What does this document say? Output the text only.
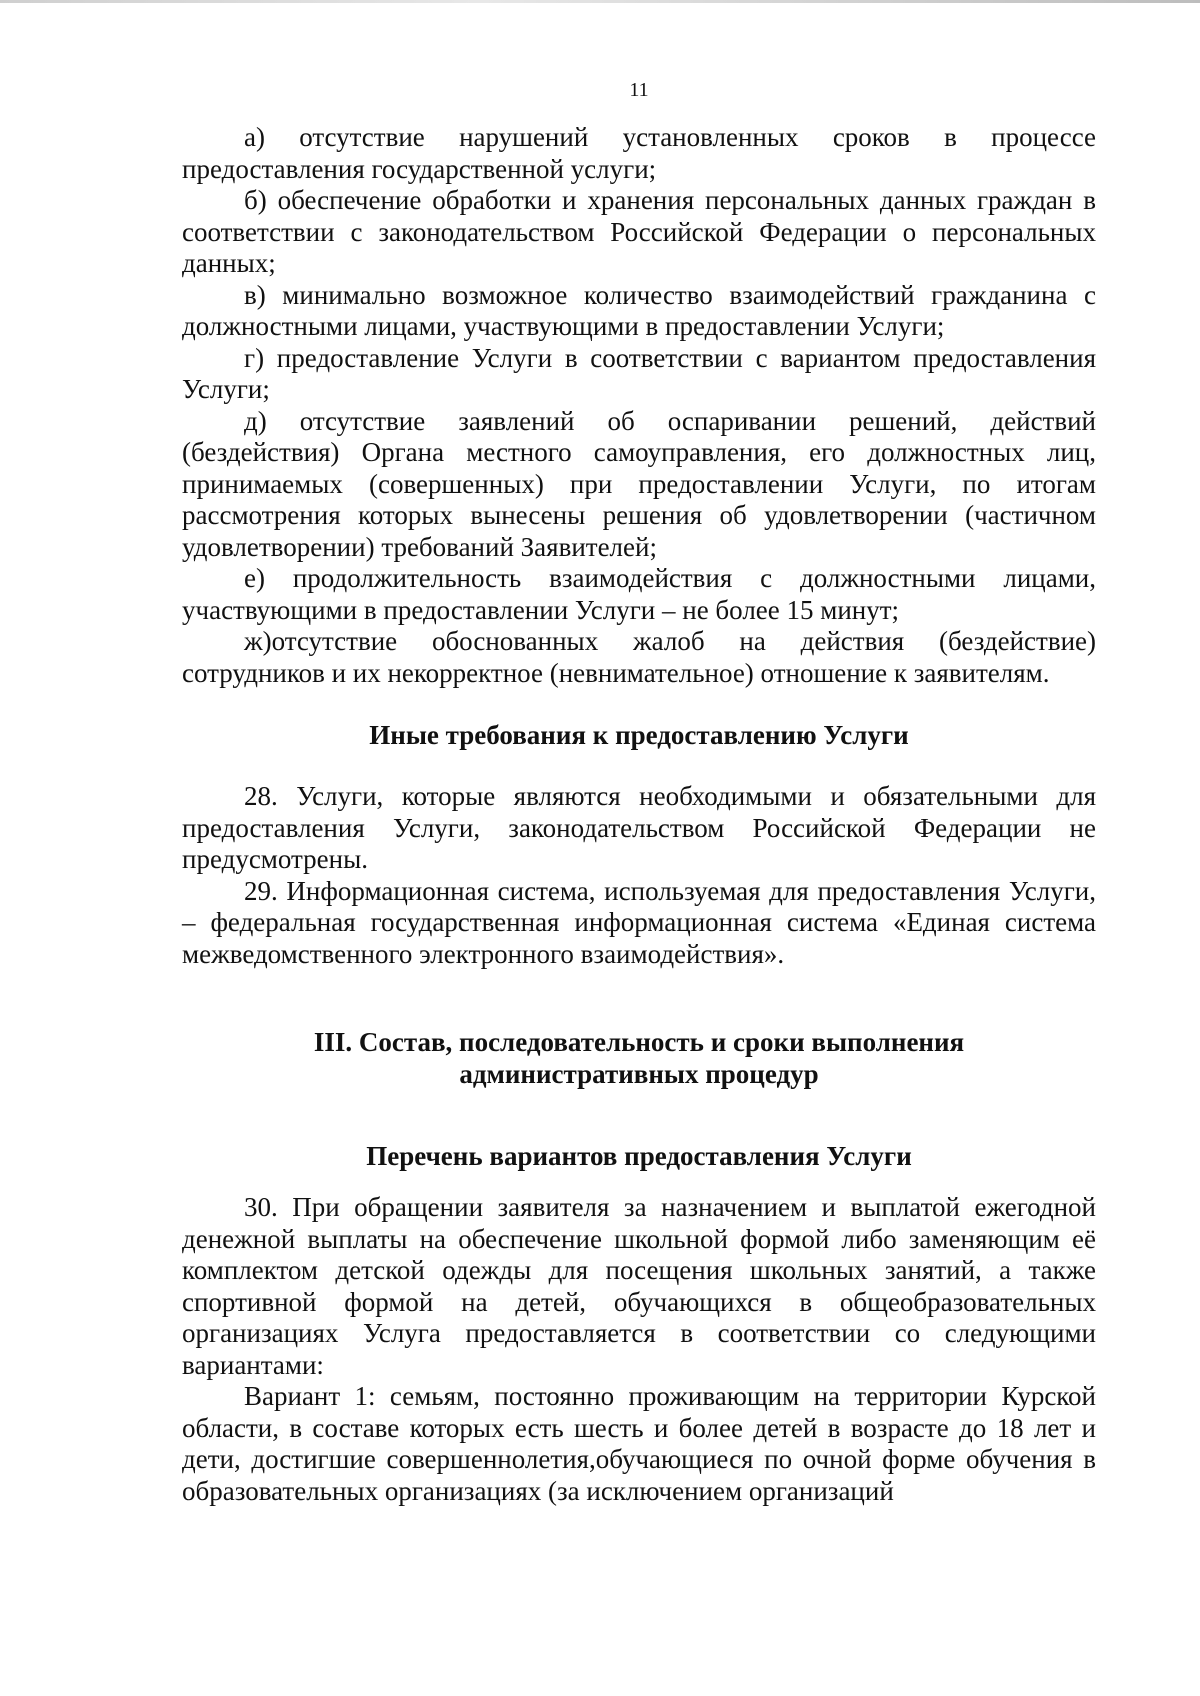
11

а) отсутствие нарушений установленных сроков в процессе предоставления государственной услуги;

б) обеспечение обработки и хранения персональных данных граждан в соответствии с законодательством Российской Федерации о персональных данных;

в) минимально возможное количество взаимодействий гражданина с должностными лицами, участвующими в предоставлении Услуги;

г) предоставление Услуги в соответствии с вариантом предоставления Услуги;

д) отсутствие заявлений об оспаривании решений, действий (бездействия) Органа местного самоуправления, его должностных лиц, принимаемых (совершенных) при предоставлении Услуги, по итогам рассмотрения которых вынесены решения об удовлетворении (частичном удовлетворении) требований Заявителей;

е) продолжительность взаимодействия с должностными лицами, участвующими в предоставлении Услуги – не более 15 минут;

ж)отсутствие обоснованных жалоб на действия (бездействие) сотрудников и их некорректное (невнимательное) отношение к заявителям.

Иные требования к предоставлению Услуги

28. Услуги, которые являются необходимыми и обязательными для предоставления Услуги, законодательством Российской Федерации не предусмотрены.

29. Информационная система, используемая для предоставления Услуги, – федеральная государственная информационная система «Единая система межведомственного электронного взаимодействия».

III. Состав, последовательность и сроки выполнения
административных процедур
Перечень вариантов предоставления Услуги

30. При обращении заявителя за назначением и выплатой ежегодной денежной выплаты на обеспечение школьной формой либо заменяющим её комплектом детской одежды для посещения школьных занятий, а также спортивной формой на детей, обучающихся в общеобразовательных организациях Услуга предоставляется в соответствии со следующими вариантами:

Вариант 1: семьям, постоянно проживающим на территории Курской области, в составе которых есть шесть и более детей в возрасте до 18 лет и дети, достигшие совершеннолетия,обучающиеся по очной форме обучения в образовательных организациях (за исключением организаций
